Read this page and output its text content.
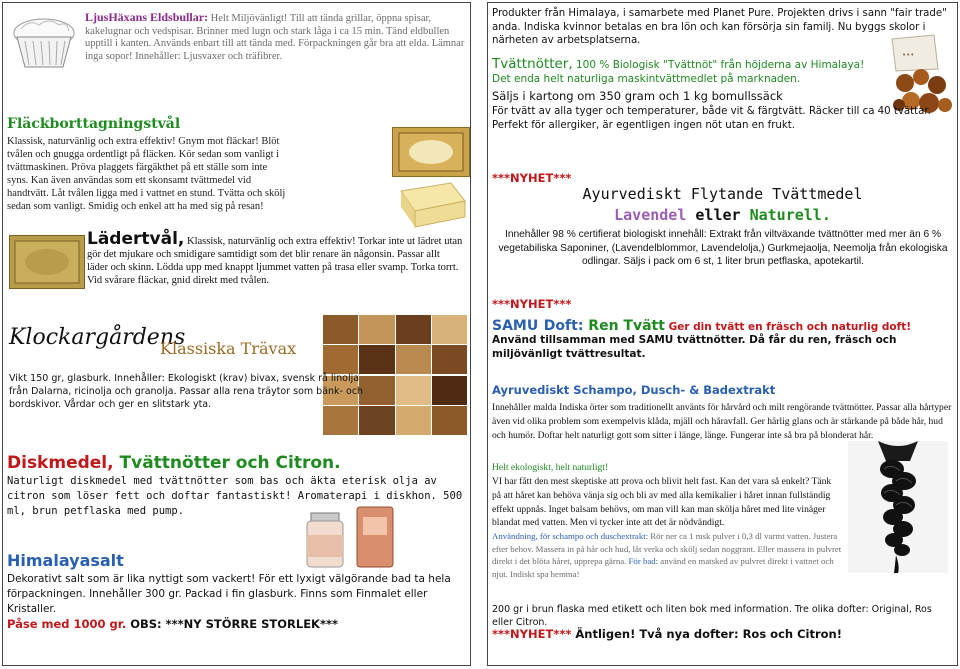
LjusHäxans Eldsbullar: Helt Miljövänligt! Till att tända grillar, öppna spisar, kakelugnar och vedspisar. Brinner med lugn och stark låga i ca 15 min. Tänd eldbullen upptill i kanten. Används enbart till att tända med. Förpackningen går bra att elda. Lämnar inga sopor! Innehåller: Ljusvaxer och träfibrer.
Fläckborttagningstvål
Klassisk, naturvänlig och extra effektiv! Gnym mot fläckar! Blöt tvålen och gnugga ordentligt på fläcken. Kör sedan som vanligt i tvättmaskinen. Pröva plaggets färgäkthet på ett ställe som inte syns. Kan även användas som ett skonsamt tvättmedel vid handtvätt. Låt tvålen ligga med i vattnet en stund. Tvätta och skölj sedan som vanligt. Smidig och enkel att ha med sig på resan!
Lädertvål, Klassisk, naturvänlig och extra effektiv! Torkar inte ut lädret utan gör det mjukare och smidigare samtidigt som det blir renare än någonsin. Passar allt läder och skinn. Lödda upp med knappt ljummet vatten på trasa eller svamp. Torka torrt. Vid svårare fläckar, gnid direkt med tvålen.
Klockargårdens
Klassiska Trävax
Vikt 150 gr, glasburk. Innehåller: Ekologiskt (krav) bivax, svensk rå linolja från Dalarna, ricinolja och granolja. Passar alla rena träytor som bänk- och bordskivor. Vårdar och ger en slitstark yta.
Diskmedel, Tvättnötter och Citron.
Naturligt diskmedel med tvättnötter som bas och äkta eterisk olja av citron som löser fett och doftar fantastiskt! Aromaterapi i diskhon. 500 ml, brun petflaska med pump.
Himalayasalt
Dekorativt salt som är lika nyttigt som vackert! För ett lyxigt välgörande bad ta hela förpackningen. Innehåller 300 gr. Packad i fin glasburk. Finns som Finmalet eller Kristaller.
Påse med 1000 gr. OBS: ***NY STÖRRE STORLEK***
Produkter från Himalaya, i samarbete med Planet Pure. Projekten drivs i sann "fair trade" anda. Indiska kvinnor betalas en bra lön och kan försörja sin familj. Nu byggs skolor i närheten av arbetsplatserna.
Tvättnötter, 100 % Biologisk "Tvättnöt" från höjderna av Himalaya!
•••
Det enda helt naturliga maskintvättmedlet på marknaden.
Säljs i kartong om 350 gram och 1 kg bomullssäck
För tvätt av alla tyger och temperaturer, både vit & färgtvätt. Räcker till ca 40 tvättar. Perfekt för allergiker, är egentligen ingen nöt utan en frukt.
***NYHET***
Ayurvediskt Flytande Tvättmedel
Lavendel eller Naturell.
Innehåller 98 % certifierat biologiskt innehåll: Extrakt från viltväxande tvättnötter med mer än 6 % vegetabiliska Saponiner, (Lavendelblommor, Lavendelolja,) Gurkmejaolja, Neemolja från ekologiska odlingar. Säljs i pack om 6 st, 1 liter brun petflaska, apotekartil.
***NYHET***
SAMU Doft: Ren Tvätt Ger din tvätt en fräsch och naturlig doft!
Använd tillsamman med SAMU tvättnötter. Då får du ren, fräsch och miljövänligt tvättresultat.
Ayruvediskt Schampo, Dusch- & Badextrakt
Innehåller malda Indiska örter som traditionellt använts för hårvård och milt rengörande tvättnötter. Passar alla hårtyper även vid olika problem som exempelvis klåda, mjäll och håravfall. Ger härlig glans och är stärkande på både hår, hud och humör. Doftar helt naturligt gott som sitter i länge, länge. Fungerar inte så bra på blonderat hår.
Helt ekologiskt, helt naturligt!
VI har fått den mest skeptiske att prova och blivit helt fast. Kan det vara så enkelt? Tänk på att håret kan behöva vänja sig och bli av med alla kemikalier i håret innan fullständig effekt uppnås. Inget balsam behövs, om man vill kan man skölja håret med lite vinäger blandat med vatten. Men vi tycker inte att det är nödvändigt.
Användning, för schampo och duschextrakt: Rör ner ca 1 msk pulver i 0,3 dl varmt vatten. Justera efter behov. Massera in på hår och hud, låt verka och skölj sedan noggrant. Eller massera in pulvret direkt i det blöta håret, upprepa gärna. För bad: använd en matsked av pulvret direkt i vattnet och njut. Indiskt spa hemma!
200 gr i brun flaska med etikett och liten bok med information. Tre olika dofter: Original, Ros eller Citron.
***NYHET*** Äntligen! Två nya dofter: Ros och Citron!
